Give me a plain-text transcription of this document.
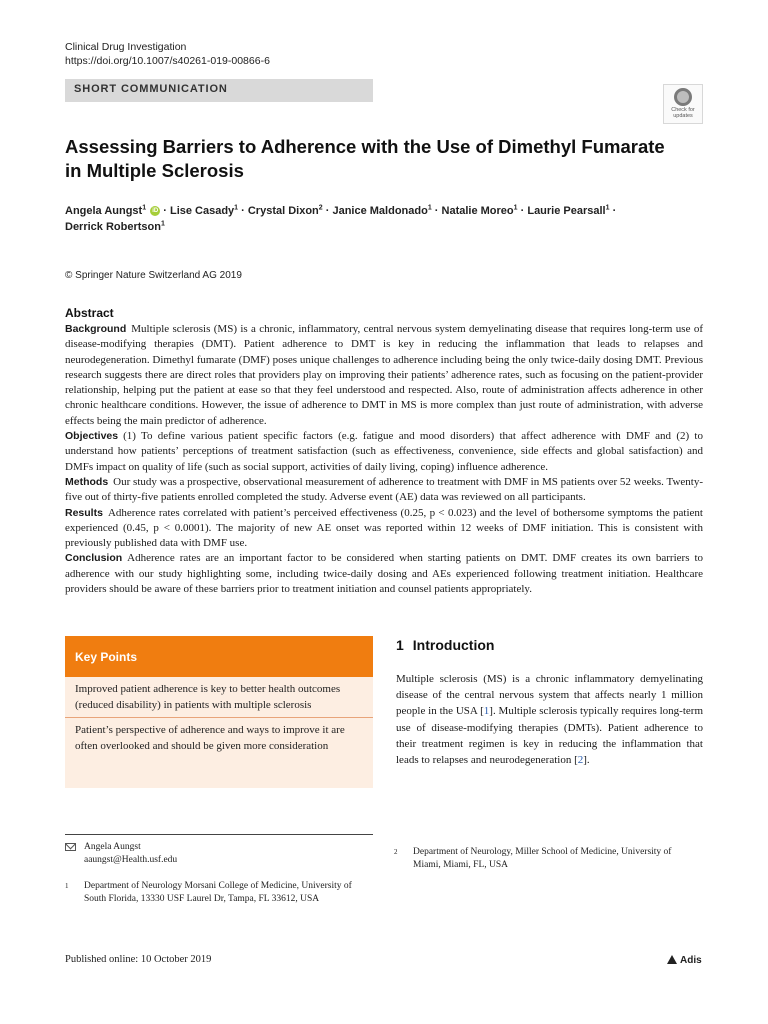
Clinical Drug Investigation
https://doi.org/10.1007/s40261-019-00866-6
SHORT COMMUNICATION
Check for
updates
Assessing Barriers to Adherence with the Use of Dimethyl Fumarate in Multiple Sclerosis
Angela Aungst$^1$ iD · Lise Casady$^1$ · Crystal Dixon$^2$ · Janice Maldonado$^1$ · Natalie Moreo$^1$ · Laurie Pearsall$^1$ ·
Derrick Robertson$^1$
© Springer Nature Switzerland AG 2019
Abstract

Background Multiple sclerosis (MS) is a chronic, inflammatory, central nervous system demyelinating disease that requires long-term use of disease-modifying therapies (DMT). Patient adherence to DMT is key in reducing the inflammation that leads to relapses and neurodegeneration. Dimethyl fumarate (DMF) poses unique challenges to adherence including being the only twice-daily dosing DMT. Previous research suggests there are direct roles that providers play on improving their patients’ adherence rates, such as focusing on the patient-provider relationship, helping put the patient at ease so that they feel understood and respected. Also, route of administration affects adherence in other chronic healthcare conditions. However, the issue of adherence to DMT in MS is more complex than just route of administration, with adverse effects being the main predictor of adherence.

Objectives (1) To define various patient specific factors (e.g. fatigue and mood disorders) that affect adherence with DMF and (2) to understand how patients’ perceptions of treatment satisfaction (such as effectiveness, convenience, side effects and global satisfaction) and DMFs impact on quality of life (such as social support, activities of daily living, coping) influence adherence.

Methods Our study was a prospective, observational measurement of adherence to treatment with DMF in MS patients over 52 weeks. Twenty-five out of thirty-five patients enrolled completed the study. Adverse event (AE) data was reviewed on all participants.

Results Adherence rates correlated with patient’s perceived effectiveness (0.25, p < 0.023) and the level of bothersome symptoms the patient experienced (0.45, p < 0.0001). The majority of new AE onset was reported within 12 weeks of DMF initiation. This is consistent with previously published data with DMF use.

Conclusion Adherence rates are an important factor to be considered when starting patients on DMT. DMF creates its own barriers to adherence with our study highlighting some, including twice-daily dosing and AEs experienced following treatment initiation. Healthcare providers should be aware of these barriers prior to treatment initiation and counsel patients appropriately.

Key Points
Improved patient adherence is key to better health outcomes (reduced disability) in patients with multiple sclerosis
Patient’s perspective of adherence and ways to improve it are often overlooked and should be given more consideration
1 Introduction
Multiple sclerosis (MS) is a chronic inflammatory demyelinating disease of the central nervous system that affects nearly 1 million people in the USA [1]. Multiple sclerosis typically requires long-term use of disease-modifying therapies (DMTs). Patient adherence to their treatment regimen is key in reducing the inflammation that leads to relapses and neurodegeneration [2].
Angela Aungst
aaungst@Health.usf.edu
1 Department of Neurology Morsani College of Medicine, University of South Florida, 13330 USF Laurel Dr, Tampa, FL 33612, USA
2 Department of Neurology, Miller School of Medicine, University of Miami, Miami, FL, USA
Published online: 10 October 2019	Adis
